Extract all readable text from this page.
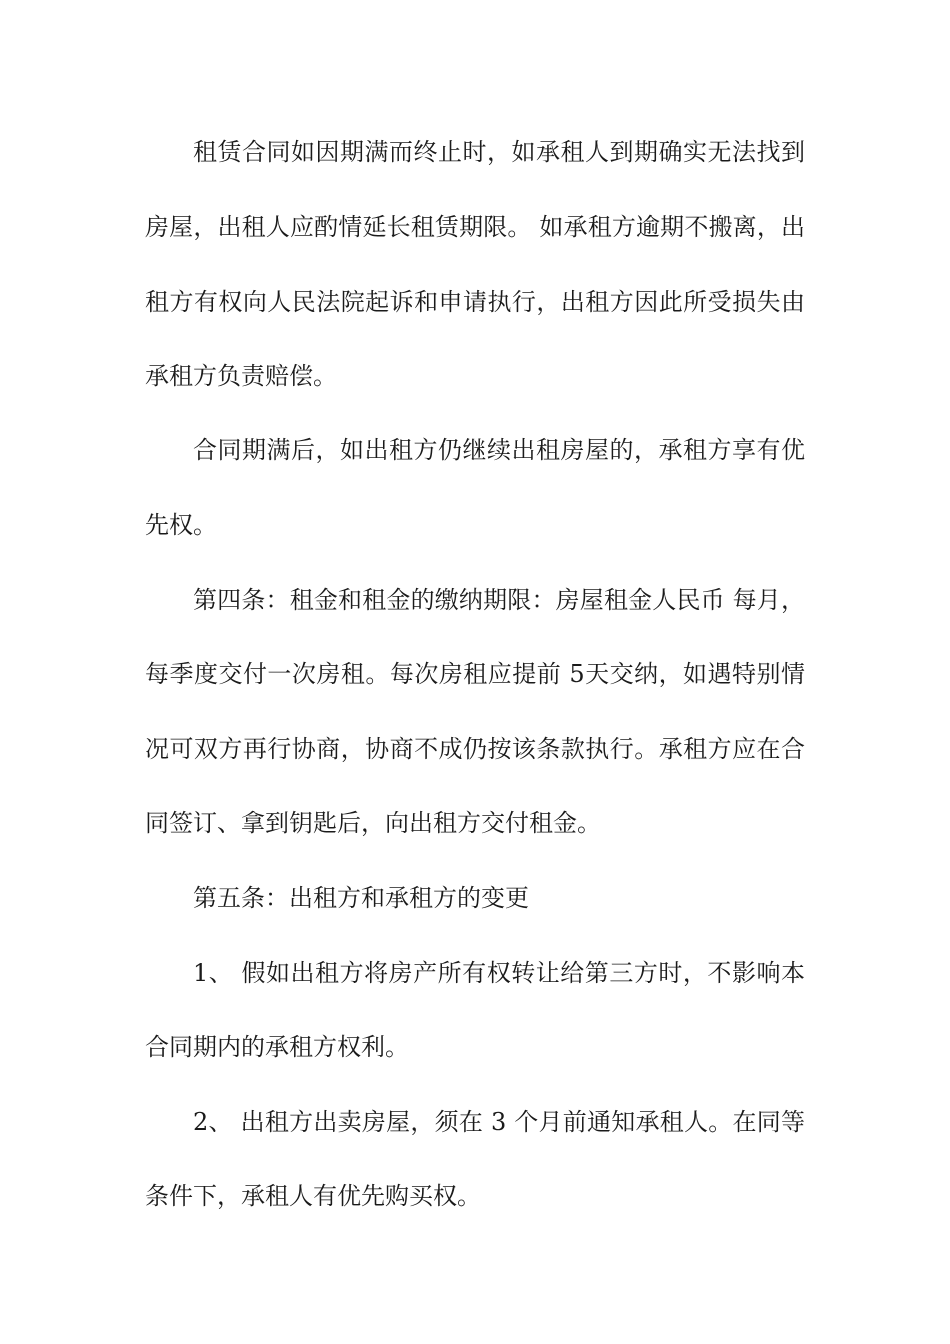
租赁合同如因期满而终止时，如承租人到期确实无法找到
房屋，出租人应酌情延长租赁期限。 如承租方逾期不搬离，出
租方有权向人民法院起诉和申请执行，出租方因此所受损失由
承租方负责赔偿。
合同期满后，如出租方仍继续出租房屋的，承租方享有优
先权。
第四条：租金和租金的缴纳期限：房屋租金人民币 每月，
每季度交付一次房租。每次房租应提前 5天交纳，如遇特别情
况可双方再行协商，协商不成仍按该条款执行。承租方应在合
同签订、拿到钥匙后，向出租方交付租金。
第五条：出租方和承租方的变更
1、 假如出租方将房产所有权转让给第三方时，不影响本
合同期内的承租方权利。
2、 出租方出卖房屋，须在 3 个月前通知承租人。在同等
条件下，承租人有优先购买权。
